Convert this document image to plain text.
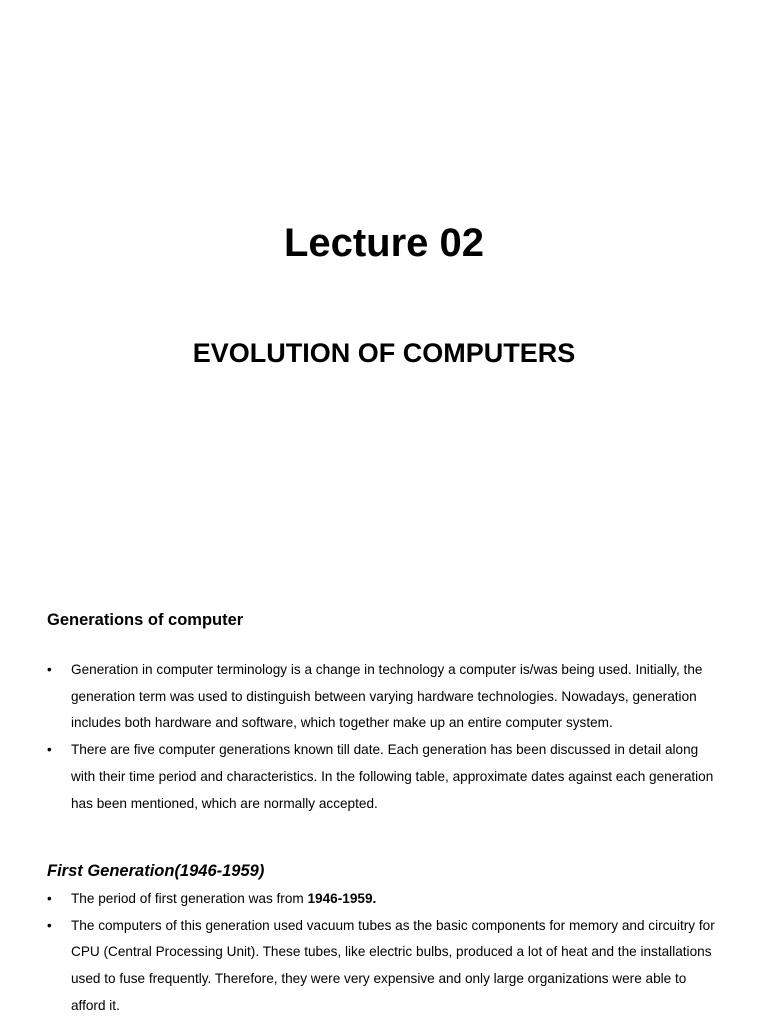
Lecture 02
EVOLUTION OF COMPUTERS
Generations of computer
• Generation in computer terminology is a change in technology a computer is/was being used. Initially, the
generation term was used to distinguish between varying hardware technologies. Nowadays, generation
includes both hardware and software, which together make up an entire computer system.
• There are five computer generations known till date. Each generation has been discussed in detail along
with their time period and characteristics. In the following table, approximate dates against each generation
has been mentioned, which are normally accepted.
First Generation(1946-1959)
• The period of first generation was from 1946-1959.
• The computers of this generation used vacuum tubes as the basic components for memory and circuitry for
CPU (Central Processing Unit). These tubes, like electric bulbs, produced a lot of heat and the installations
used to fuse frequently. Therefore, they were very expensive and only large organizations were able to
afford it.
